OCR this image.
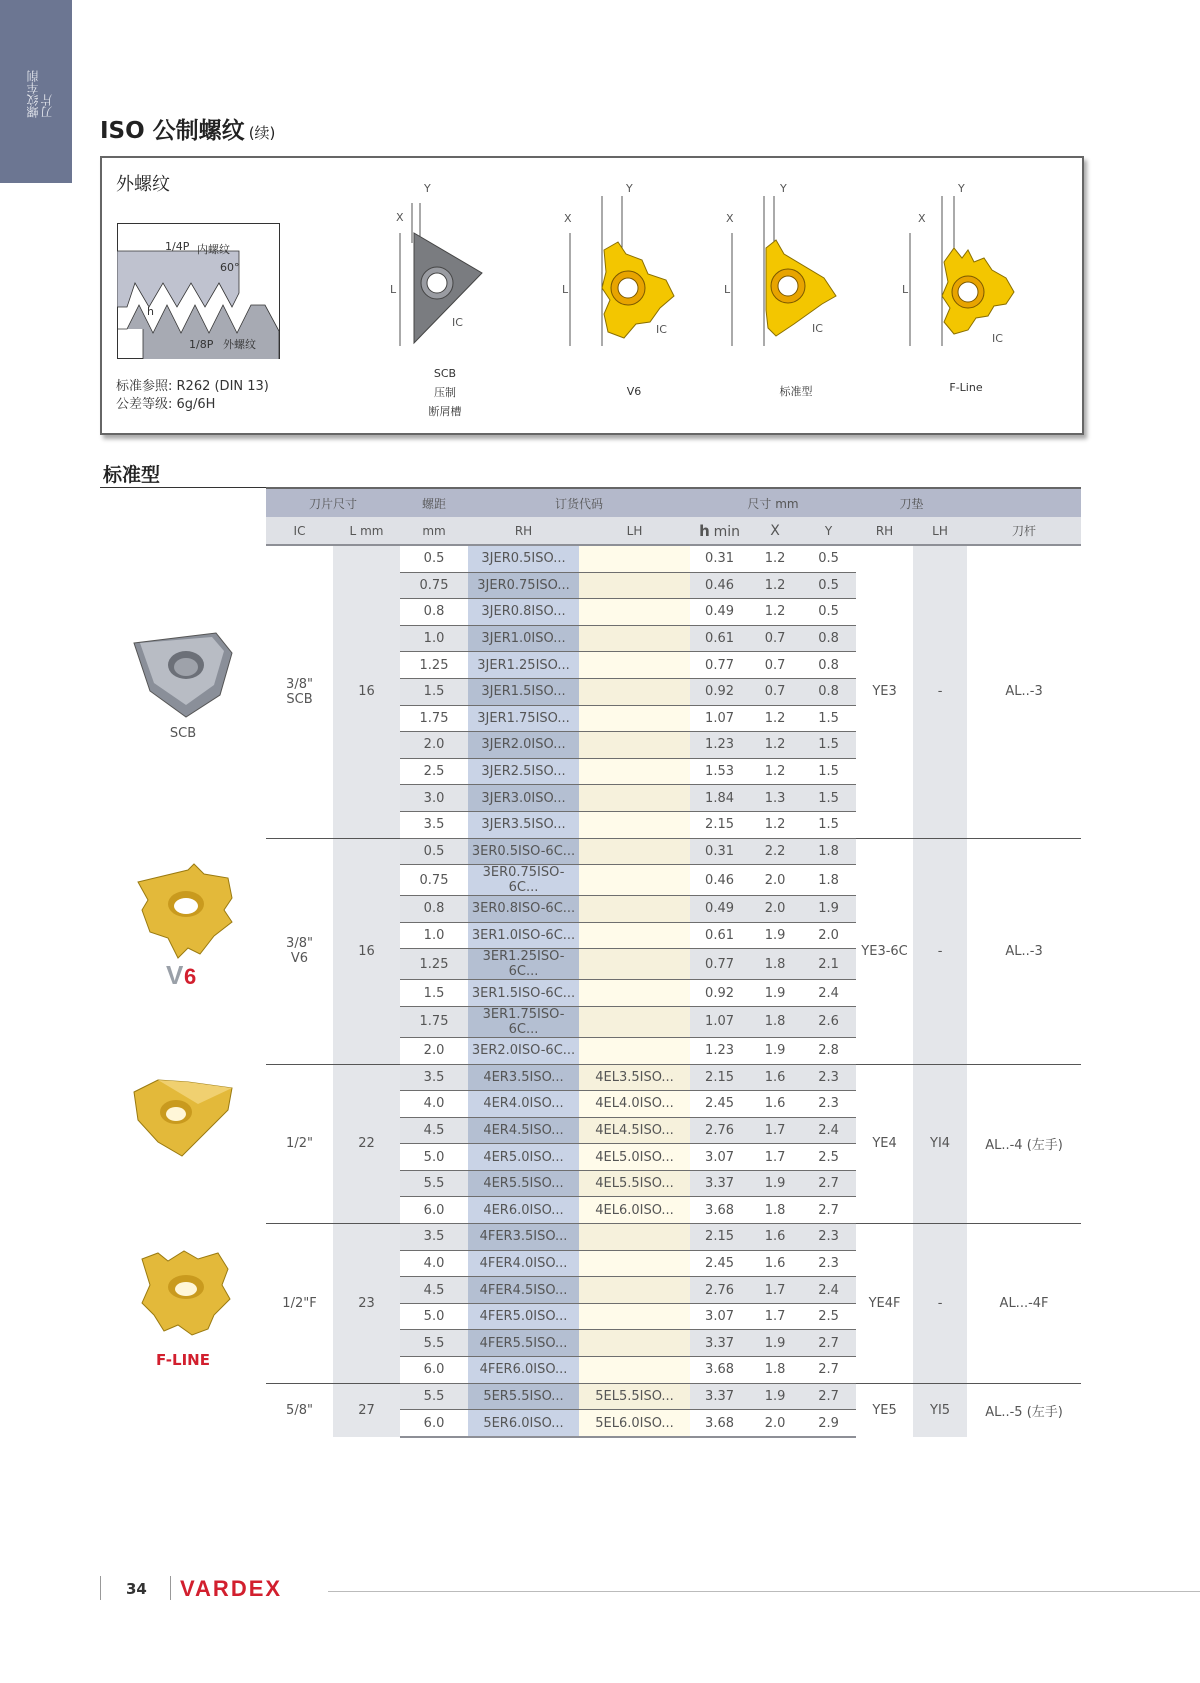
螺纹车削
刀片
ISO 公制螺纹 (续)
外螺纹
1/4P 内螺纹
60°
h
1/8P 外螺纹
标准参照: R262 (DIN 13)
公差等级: 6g/6H
L
Y
X
IC
SCB
压制
断屑槽
L
Y
X
IC
V6
L
Y
X
IC
标准型
L
Y
X
IC
F-Line
标准型
SCB
V 6
F-LINE
刀片尺寸		螺距	订货代码		尺寸 mm			刀垫		
IC	L mm	mm	RH	LH	h min	X	Y	RH	LH	刀杆
3/8"
SCB	16	0.5	3JER0.5ISO...		0.31	1.2	0.5	YE3	-	AL..-3
		0.75	3JER0.75ISO...		0.46	1.2	0.5			
		0.8	3JER0.8ISO...		0.49	1.2	0.5			
		1.0	3JER1.0ISO...		0.61	0.7	0.8			
		1.25	3JER1.25ISO...		0.77	0.7	0.8			
		1.5	3JER1.5ISO...		0.92	0.7	0.8			
		1.75	3JER1.75ISO...		1.07	1.2	1.5			
		2.0	3JER2.0ISO...		1.23	1.2	1.5			
		2.5	3JER2.5ISO...		1.53	1.2	1.5			
		3.0	3JER3.0ISO...		1.84	1.3	1.5			
		3.5	3JER3.5ISO...		2.15	1.2	1.5			
3/8"
V6	16	0.5	3ER0.5ISO-6C...		0.31	2.2	1.8	YE3-6C	-	AL..-3
		0.75	3ER0.75ISO-6C...		0.46	2.0	1.8			
		0.8	3ER0.8ISO-6C...		0.49	2.0	1.9			
		1.0	3ER1.0ISO-6C...		0.61	1.9	2.0			
		1.25	3ER1.25ISO-6C...		0.77	1.8	2.1			
		1.5	3ER1.5ISO-6C...		0.92	1.9	2.4			
		1.75	3ER1.75ISO-6C...		1.07	1.8	2.6			
		2.0	3ER2.0ISO-6C...		1.23	1.9	2.8			
1/2"	22	3.5	4ER3.5ISO...	4EL3.5ISO...	2.15	1.6	2.3	YE4	YI4	AL..-4 (左手)
		4.0	4ER4.0ISO...	4EL4.0ISO...	2.45	1.6	2.3			
		4.5	4ER4.5ISO...	4EL4.5ISO...	2.76	1.7	2.4			
		5.0	4ER5.0ISO...	4EL5.0ISO...	3.07	1.7	2.5			
		5.5	4ER5.5ISO...	4EL5.5ISO...	3.37	1.9	2.7			
		6.0	4ER6.0ISO...	4EL6.0ISO...	3.68	1.8	2.7			
1/2"F	23	3.5	4FER3.5ISO...		2.15	1.6	2.3	YE4F	-	AL...-4F
		4.0	4FER4.0ISO...		2.45	1.6	2.3			
		4.5	4FER4.5ISO...		2.76	1.7	2.4			
		5.0	4FER5.0ISO...		3.07	1.7	2.5			
		5.5	4FER5.5ISO...		3.37	1.9	2.7			
		6.0	4FER6.0ISO...		3.68	1.8	2.7			
5/8"	27	5.5	5ER5.5ISO...	5EL5.5ISO...	3.37	1.9	2.7	YE5	YI5	AL..-5 (左手)
		6.0	5ER6.0ISO...	5EL6.0ISO...	3.68	2.0	2.9			
34 VARDEX
